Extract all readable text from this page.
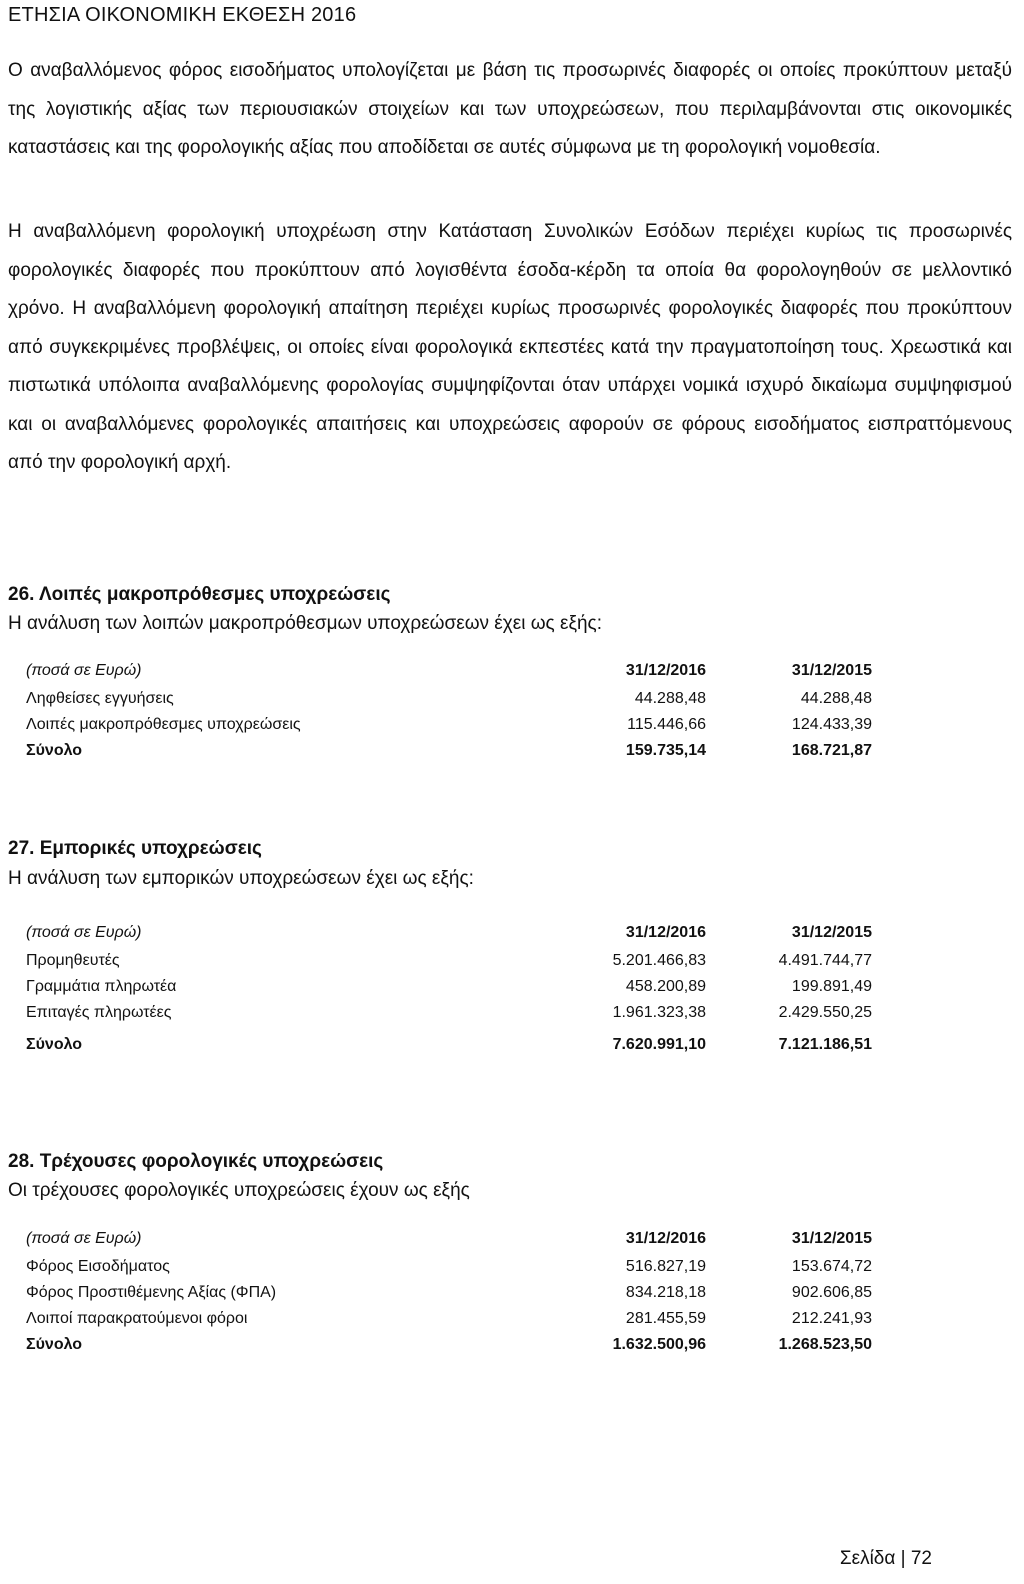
ΕΤΗΣΙΑ ΟΙΚΟΝΟΜΙΚΗ ΕΚΘΕΣΗ 2016

Ο αναβαλλόμενος φόρος εισοδήματος υπολογίζεται με βάση τις προσωρινές διαφορές οι οποίες προκύπτουν μεταξύ της λογιστικής αξίας των περιουσιακών στοιχείων και των υποχρεώσεων, που περιλαμβάνονται στις οικονομικές καταστάσεις και της φορολογικής αξίας που αποδίδεται σε αυτές σύμφωνα με τη φορολογική νομοθεσία.

Η αναβαλλόμενη φορολογική υποχρέωση στην Κατάσταση Συνολικών Εσόδων περιέχει κυρίως τις προσωρινές φορολογικές διαφορές που προκύπτουν από λογισθέντα έσοδα-κέρδη τα οποία θα φορολογηθούν σε μελλοντικό χρόνο. Η αναβαλλόμενη φορολογική απαίτηση περιέχει κυρίως προσωρινές φορολογικές διαφορές που προκύπτουν από συγκεκριμένες προβλέψεις, οι οποίες είναι φορολογικά εκπεστέες κατά την πραγματοποίηση τους. Χρεωστικά και πιστωτικά υπόλοιπα αναβαλλόμενης φορολογίας συμψηφίζονται όταν υπάρχει νομικά ισχυρό δικαίωμα συμψηφισμού και οι αναβαλλόμενες φορολογικές απαιτήσεις και υποχρεώσεις αφορούν σε φόρους εισοδήματος εισπραττόμενους από την φορολογική αρχή.

26. Λοιπές μακροπρόθεσμες υποχρεώσεις

Η ανάλυση των λοιπών μακροπρόθεσμων υποχρεώσεων έχει ως εξής:

(ποσά σε Ευρώ)	31/12/2016	31/12/2015
Ληφθείσες εγγυήσεις	44.288,48	44.288,48
Λοιπές μακροπρόθεσμες υποχρεώσεις	115.446,66	124.433,39
Σύνολο	159.735,14	168.721,87

27. Εμπορικές υποχρεώσεις

Η ανάλυση των εμπορικών υποχρεώσεων έχει ως εξής:

(ποσά σε Ευρώ)	31/12/2016	31/12/2015
Προμηθευτές	5.201.466,83	4.491.744,77
Γραμμάτια πληρωτέα	458.200,89	199.891,49
Επιταγές πληρωτέες	1.961.323,38	2.429.550,25
Σύνολο	7.620.991,10	7.121.186,51

28. Τρέχουσες φορολογικές υποχρεώσεις

Οι τρέχουσες φορολογικές υποχρεώσεις έχουν ως εξής

(ποσά σε Ευρώ)	31/12/2016	31/12/2015
Φόρος Εισοδήματος	516.827,19	153.674,72
Φόρος Προστιθέμενης Αξίας (ΦΠΑ)	834.218,18	902.606,85
Λοιποί παρακρατούμενοι φόροι	281.455,59	212.241,93
Σύνολο	1.632.500,96	1.268.523,50
Σελίδα | 72
